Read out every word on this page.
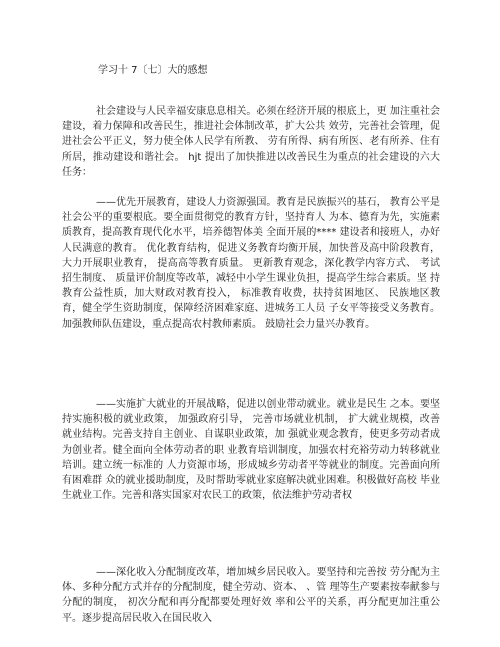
学习十 7〔七〕大的感想

社会建设与人民幸福安康息息相关。必须在经济开展的根底上，更 加注重社会建设，着力保障和改善民生，推进社会体制改革，扩大公共 效劳，完善社会管理，促进社会公平正义，努力使全体人民学有所教、 劳有所得、病有所医、老有所养、住有所居，推动建设和谐社会。 hjt 提出了加快推进以改善民生为重点的社会建设的六大任务：

——优先开展教育，建设人力资源强国。教育是民族振兴的基石， 教育公平是社会公平的重要根底。要全面贯彻党的教育方针，坚持育人 为本、德育为先，实施素质教育，提高教育现代化水平，培养德智体美 全面开展的**** 建设者和接班人，办好人民满意的教育。 优化教育结构，促进义务教育均衡开展，加快普及高中阶段教育，大力开展职业教育， 提高高等教育质量。 更新教育观念，深化教学内容方式、 考试招生制度、 质量评价制度等改革，减轻中小学生课业负担，提高学生综合素质。坚 持教育公益性质，加大财政对教育投入， 标准教育收费，扶持贫困地区、 民族地区教育，健全学生资助制度，保障经济困难家庭、进城务工人员 子女平等接受义务教育。加强教师队伍建设，重点提高农村教师素质。 鼓励社会力量兴办教育。

——实施扩大就业的开展战略，促进以创业带动就业。就业是民生 之本。要坚持实施积极的就业政策， 加强政府引导， 完善市场就业机制， 扩大就业规模，改善就业结构。完善支持自主创业、自谋职业政策，加 强就业观念教育，使更多劳动者成为创业者。健全面向全体劳动者的职 业教育培训制度，加强农村充裕劳动力转移就业培训。建立统一标准的 人力资源市场，形成城乡劳动者平等就业的制度。完善面向所有困难群 众的就业援助制度，及时帮助零就业家庭解决就业困难。积极做好高校 毕业生就业工作。完善和落实国家对农民工的政策，依法维护劳动者权

——深化收入分配制度改革，增加城乡居民收入。要坚持和完善按 劳分配为主体、多种分配方式并存的分配制度，健全劳动、资本、 、管 理等生产要素按奉献参与分配的制度， 初次分配和再分配都要处理好效 率和公平的关系，再分配更加注重公平。逐步提高居民收入在国民收入
